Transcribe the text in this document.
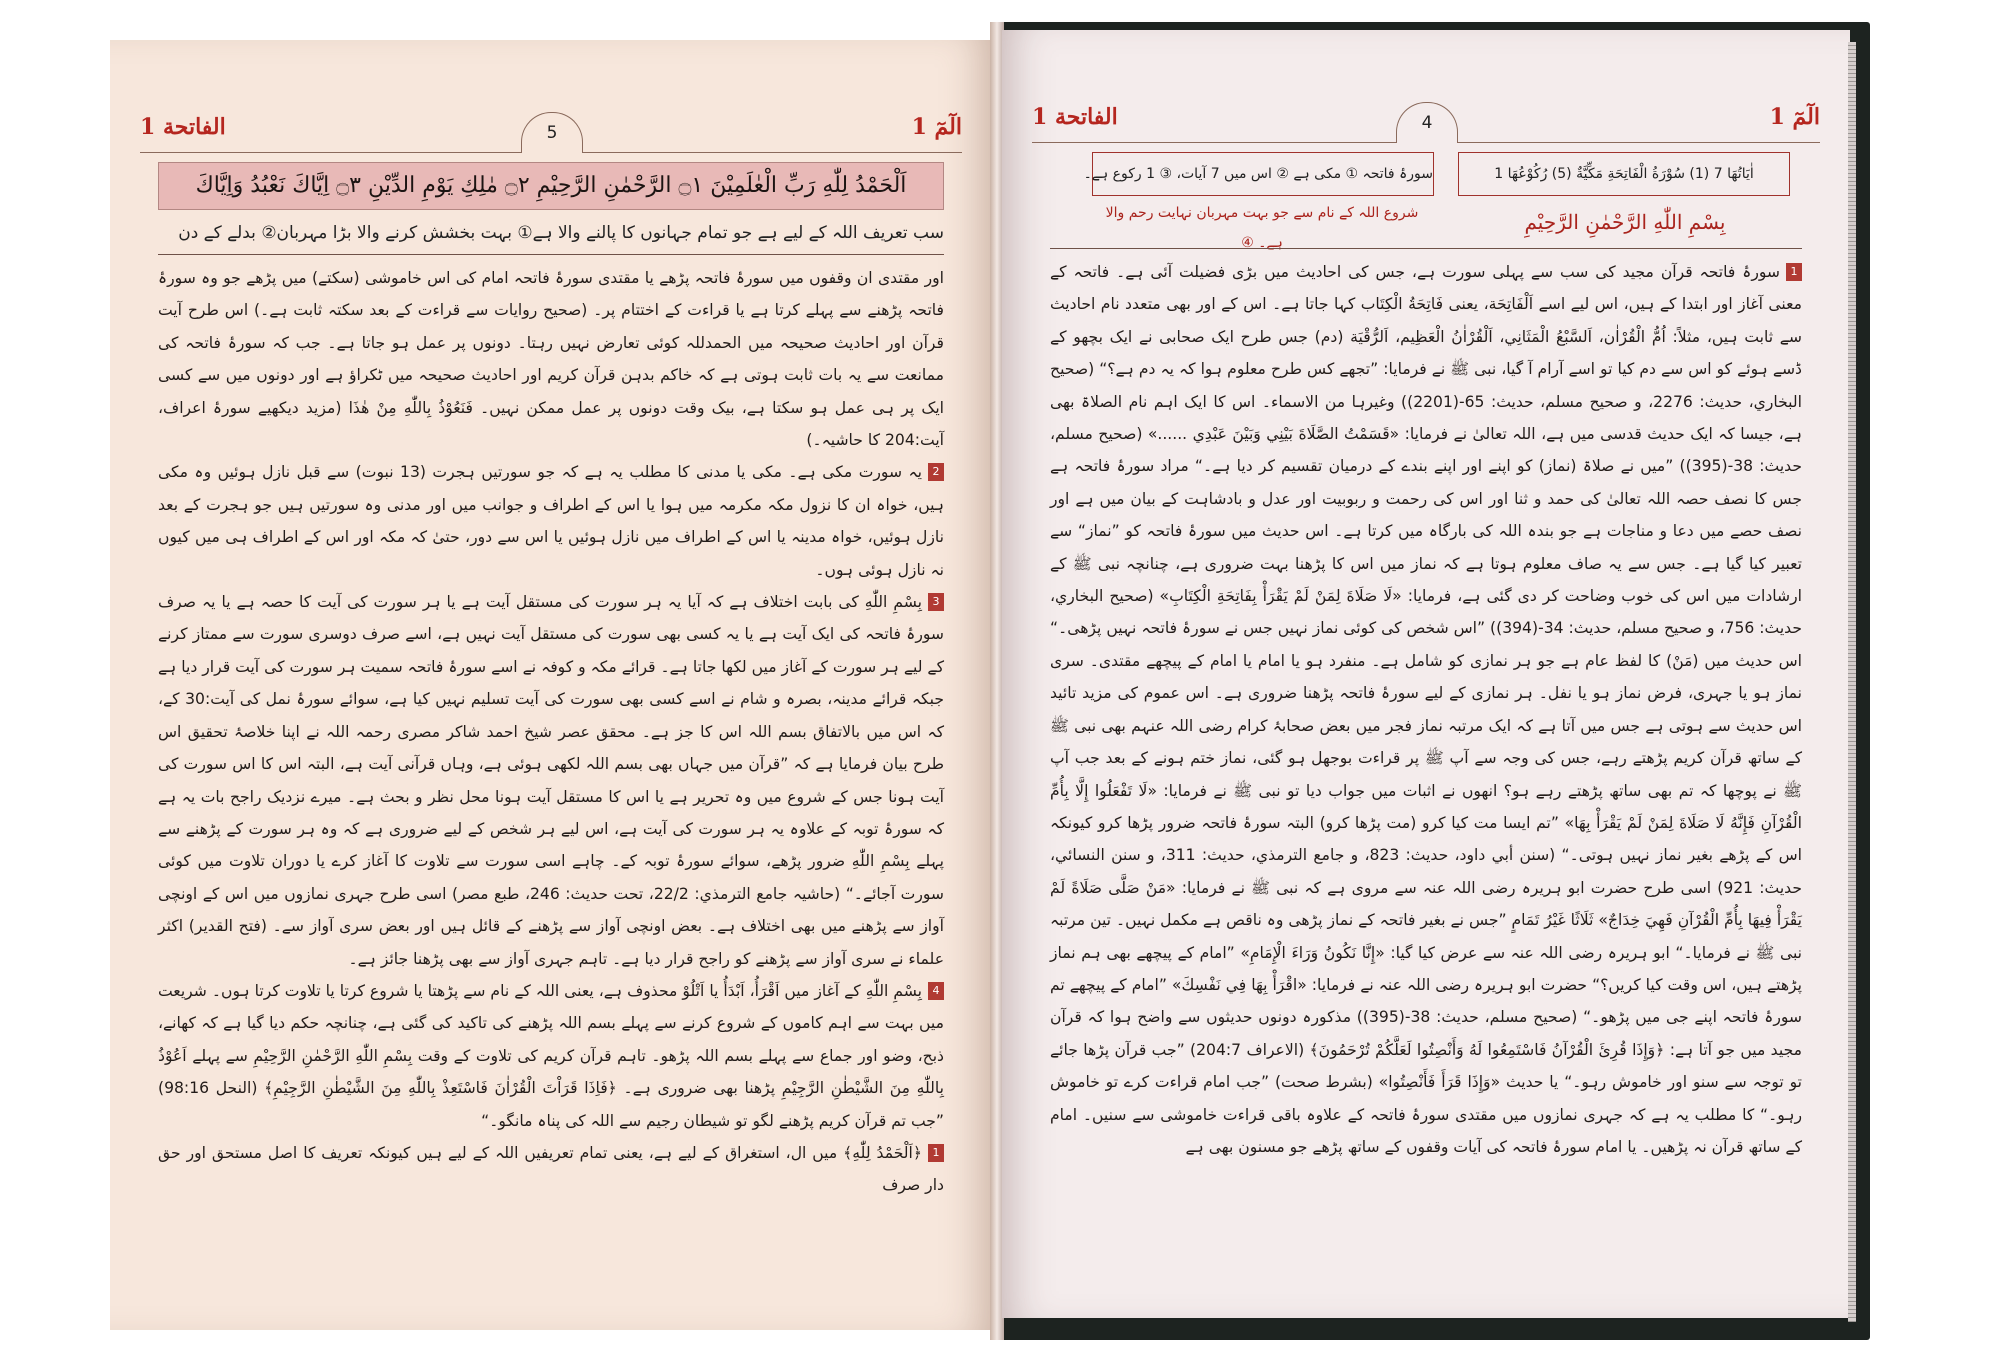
الٓمٓ 1
5
الفاتحة 1
اَلْحَمْدُ لِلّٰهِ رَبِّ الْعٰلَمِيْنَ ۝١ الرَّحْمٰنِ الرَّحِيْمِ ۝٢ مٰلِكِ يَوْمِ الدِّيْنِ ۝٣ اِيَّاكَ نَعْبُدُ وَاِيَّاكَ
سب تعریف اللہ کے لیے ہے جو تمام جہانوں کا پالنے والا ہے① بہت بخشش کرنے والا بڑا مہربان② بدلے کے دن

اور مقتدی ان وقفوں میں سورۂ فاتحہ پڑھے یا مقتدی سورۂ فاتحہ امام کی اس خاموشی (سکتے) میں پڑھے جو وہ سورۂ فاتحہ پڑھنے سے پہلے کرتا ہے یا قراءت کے اختتام پر۔ (صحیح روایات سے قراءت کے بعد سکتہ ثابت ہے۔) اس طرح آیت قرآن اور احادیث صحیحہ میں الحمدللہ کوئی تعارض نہیں رہتا۔ دونوں پر عمل ہو جاتا ہے۔ جب کہ سورۂ فاتحہ کی ممانعت سے یہ بات ثابت ہوتی ہے کہ خاکم بدہن قرآن کریم اور احادیث صحیحہ میں ٹکراؤ ہے اور دونوں میں سے کسی ایک پر ہی عمل ہو سکتا ہے، بیک وقت دونوں پر عمل ممکن نہیں۔ فَنَعُوْذُ بِاللّٰهِ مِنْ هٰذَا (مزید دیکھیے سورۂ اعراف، آیت:204 کا حاشیہ۔)

2یہ سورت مکی ہے۔ مکی یا مدنی کا مطلب یہ ہے کہ جو سورتیں ہجرت (13 نبوت) سے قبل نازل ہوئیں وہ مکی ہیں، خواہ ان کا نزول مکہ مکرمہ میں ہوا یا اس کے اطراف و جوانب میں اور مدنی وہ سورتیں ہیں جو ہجرت کے بعد نازل ہوئیں، خواہ مدینہ یا اس کے اطراف میں نازل ہوئیں یا اس سے دور، حتیٰ کہ مکہ اور اس کے اطراف ہی میں کیوں نہ نازل ہوئی ہوں۔

3بِسْمِ اللّٰهِ کی بابت اختلاف ہے کہ آیا یہ ہر سورت کی مستقل آیت ہے یا ہر سورت کی آیت کا حصہ ہے یا یہ صرف سورۂ فاتحہ کی ایک آیت ہے یا یہ کسی بھی سورت کی مستقل آیت نہیں ہے، اسے صرف دوسری سورت سے ممتاز کرنے کے لیے ہر سورت کے آغاز میں لکھا جاتا ہے۔ قرائے مکہ و کوفہ نے اسے سورۂ فاتحہ سمیت ہر سورت کی آیت قرار دیا ہے جبکہ قرائے مدینہ، بصرہ و شام نے اسے کسی بھی سورت کی آیت تسلیم نہیں کیا ہے، سوائے سورۂ نمل کی آیت:30 کے، کہ اس میں بالاتفاق بسم اللہ اس کا جز ہے۔ محقق عصر شیخ احمد شاکر مصری رحمہ اللہ نے اپنا خلاصۂ تحقیق اس طرح بیان فرمایا ہے کہ ”قرآن میں جہاں بھی بسم اللہ لکھی ہوئی ہے، وہاں قرآنی آیت ہے، البتہ اس کا اس سورت کی آیت ہونا جس کے شروع میں وہ تحریر ہے یا اس کا مستقل آیت ہونا محل نظر و بحث ہے۔ میرے نزدیک راجح بات یہ ہے کہ سورۂ توبہ کے علاوہ یہ ہر سورت کی آیت ہے، اس لیے ہر شخص کے لیے ضروری ہے کہ وہ ہر سورت کے پڑھنے سے پہلے بِسْمِ اللّٰهِ ضرور پڑھے، سوائے سورۂ توبہ کے۔ چاہے اسی سورت سے تلاوت کا آغاز کرے یا دوران تلاوت میں کوئی سورت آجائے۔“ (حاشیہ جامع الترمذي: 22/2، تحت حدیث: 246، طبع مصر) اسی طرح جہری نمازوں میں اس کے اونچی آواز سے پڑھنے میں بھی اختلاف ہے۔ بعض اونچی آواز سے پڑھنے کے قائل ہیں اور بعض سری آواز سے۔ (فتح القدیر) اکثر علماء نے سری آواز سے پڑھنے کو راجح قرار دیا ہے۔ تاہم جہری آواز سے بھی پڑھنا جائز ہے۔

4بِسْمِ اللّٰهِ کے آغاز میں اَقْرَأُ، اَبْدَأُ یا اَتْلُوْ محذوف ہے، یعنی اللہ کے نام سے پڑھتا یا شروع کرتا یا تلاوت کرتا ہوں۔ شریعت میں بہت سے اہم کاموں کے شروع کرنے سے پہلے بسم اللہ پڑھنے کی تاکید کی گئی ہے، چنانچہ حکم دیا گیا ہے کہ کھانے، ذبح، وضو اور جماع سے پہلے بسم اللہ پڑھو۔ تاہم قرآن کریم کی تلاوت کے وقت بِسْمِ اللّٰهِ الرَّحْمٰنِ الرَّحِيْمِ سے پہلے اَعُوْذُ بِاللّٰهِ مِنَ الشَّيْطٰنِ الرَّجِيْمِ پڑھنا بھی ضروری ہے۔ ﴿فَاِذَا قَرَاْتَ الْقُرْاٰنَ فَاسْتَعِذْ بِاللّٰهِ مِنَ الشَّيْطٰنِ الرَّجِيْمِ﴾ (النحل 98:16) ”جب تم قرآن کریم پڑھنے لگو تو شیطان رجیم سے اللہ کی پناہ مانگو۔“

1﴿اَلْحَمْدُ لِلّٰهِ﴾ میں ال، استغراق کے لیے ہے، یعنی تمام تعریفیں اللہ کے لیے ہیں کیونکہ تعریف کا اصل مستحق اور حق دار صرف

الٓمٓ 1
4
الفاتحة 1
اٰیَاتُهَا 7 (1) سُوْرَةُ الْفَاتِحَةِ مَكِّيَّةٌ (5) رُكُوْعُهَا 1
سورۂ فاتحہ ① مکی ہے ② اس میں 7 آیات، ③ 1 رکوع ہے۔
بِسْمِ اللّٰهِ الرَّحْمٰنِ الرَّحِيْمِ
شروع اللہ کے نام سے جو بہت مہربان نہایت رحم والا ہے۔ ④

1سورۂ فاتحہ قرآن مجید کی سب سے پہلی سورت ہے، جس کی احادیث میں بڑی فضیلت آئی ہے۔ فاتحہ کے معنی آغاز اور ابتدا کے ہیں، اس لیے اسے اَلْفَاتِحَة، یعنی فَاتِحَةُ الْكِتَاب کہا جاتا ہے۔ اس کے اور بھی متعدد نام احادیث سے ثابت ہیں، مثلاً: اُمُّ الْقُرْاٰن، اَلسَّبْعُ الْمَثَانِي، اَلْقُرْاٰنُ الْعَظِيم، اَلرُّقْيَة (دم) جس طرح ایک صحابی نے ایک بچھو کے ڈسے ہوئے کو اس سے دم کیا تو اسے آرام آ گیا، نبی ﷺ نے فرمایا: ”تجھے کس طرح معلوم ہوا کہ یہ دم ہے؟“ (صحیح البخاري، حدیث: 2276، و صحیح مسلم، حدیث: 65-(2201)) وغیرہا من الاسماء۔ اس کا ایک اہم نام الصلاۃ بھی ہے، جیسا کہ ایک حدیث قدسی میں ہے، اللہ تعالیٰ نے فرمایا: «قَسَمْتُ الصَّلَاةَ بَيْنِي وَبَيْنَ عَبْدِي ......» (صحیح مسلم، حدیث: 38-(395)) ”میں نے صلاۃ (نماز) کو اپنے اور اپنے بندے کے درمیان تقسیم کر دیا ہے۔“ مراد سورۂ فاتحہ ہے جس کا نصف حصہ اللہ تعالیٰ کی حمد و ثنا اور اس کی رحمت و ربوبیت اور عدل و بادشاہت کے بیان میں ہے اور نصف حصے میں دعا و مناجات ہے جو بندہ اللہ کی بارگاہ میں کرتا ہے۔ اس حدیث میں سورۂ فاتحہ کو ”نماز“ سے تعبیر کیا گیا ہے۔ جس سے یہ صاف معلوم ہوتا ہے کہ نماز میں اس کا پڑھنا بہت ضروری ہے، چنانچہ نبی ﷺ کے ارشادات میں اس کی خوب وضاحت کر دی گئی ہے، فرمایا: «لَا صَلَاةَ لِمَنْ لَمْ يَقْرَأْ بِفَاتِحَةِ الْكِتَابِ» (صحیح البخاري، حدیث: 756، و صحیح مسلم، حدیث: 34-(394)) ”اس شخص کی کوئی نماز نہیں جس نے سورۂ فاتحہ نہیں پڑھی۔“ اس حدیث میں (مَنْ) کا لفظ عام ہے جو ہر نمازی کو شامل ہے۔ منفرد ہو یا امام یا امام کے پیچھے مقتدی۔ سری نماز ہو یا جہری، فرض نماز ہو یا نفل۔ ہر نمازی کے لیے سورۂ فاتحہ پڑھنا ضروری ہے۔ اس عموم کی مزید تائید اس حدیث سے ہوتی ہے جس میں آتا ہے کہ ایک مرتبہ نماز فجر میں بعض صحابۂ کرام رضی اللہ عنہم بھی نبی ﷺ کے ساتھ قرآن کریم پڑھتے رہے، جس کی وجہ سے آپ ﷺ پر قراءت بوجھل ہو گئی، نماز ختم ہونے کے بعد جب آپ ﷺ نے پوچھا کہ تم بھی ساتھ پڑھتے رہے ہو؟ انھوں نے اثبات میں جواب دیا تو نبی ﷺ نے فرمایا: «لَا تَفْعَلُوا إِلَّا بِأُمِّ الْقُرْآنِ فَإِنَّهُ لَا صَلَاةَ لِمَنْ لَمْ يَقْرَأْ بِهَا» ”تم ایسا مت کیا کرو (مت پڑھا کرو) البتہ سورۂ فاتحہ ضرور پڑھا کرو کیونکہ اس کے پڑھے بغیر نماز نہیں ہوتی۔“ (سنن أبي داود، حدیث: 823، و جامع الترمذي، حدیث: 311، و سنن النسائي، حدیث: 921) اسی طرح حضرت ابو ہریرہ رضی اللہ عنہ سے مروی ہے کہ نبی ﷺ نے فرمایا: «مَنْ صَلَّى صَلَاةً لَمْ يَقْرَأْ فِيهَا بِأُمِّ الْقُرْآنِ فَهِيَ خِدَاجٌ» ثَلَاثًا غَيْرُ تَمَامٍ ”جس نے بغیر فاتحہ کے نماز پڑھی وہ ناقص ہے مکمل نہیں۔ تین مرتبہ نبی ﷺ نے فرمایا۔“ ابو ہریرہ رضی اللہ عنہ سے عرض کیا گیا: «إِنَّا نَكُونُ وَرَاءَ الْإِمَامِ» ”امام کے پیچھے بھی ہم نماز پڑھتے ہیں، اس وقت کیا کریں؟“ حضرت ابو ہریرہ رضی اللہ عنہ نے فرمایا: «اقْرَأْ بِهَا فِي نَفْسِكَ» ”امام کے پیچھے تم سورۂ فاتحہ اپنے جی میں پڑھو۔“ (صحیح مسلم، حدیث: 38-(395)) مذکورہ دونوں حدیثوں سے واضح ہوا کہ قرآن مجید میں جو آتا ہے: ﴿وَإِذَا قُرِئَ الْقُرْآنُ فَاسْتَمِعُوا لَهُ وَأَنْصِتُوا لَعَلَّكُمْ تُرْحَمُونَ﴾ (الاعراف 204:7) ”جب قرآن پڑھا جائے تو توجہ سے سنو اور خاموش رہو۔“ یا حدیث «وَإِذَا قَرَأَ فَأَنْصِتُوا» (بشرط صحت) ”جب امام قراءت کرے تو خاموش رہو۔“ کا مطلب یہ ہے کہ جہری نمازوں میں مقتدی سورۂ فاتحہ کے علاوہ باقی قراءت خاموشی سے سنیں۔ امام کے ساتھ قرآن نہ پڑھیں۔ یا امام سورۂ فاتحہ کی آیات وقفوں کے ساتھ پڑھے جو مسنون بھی ہے
